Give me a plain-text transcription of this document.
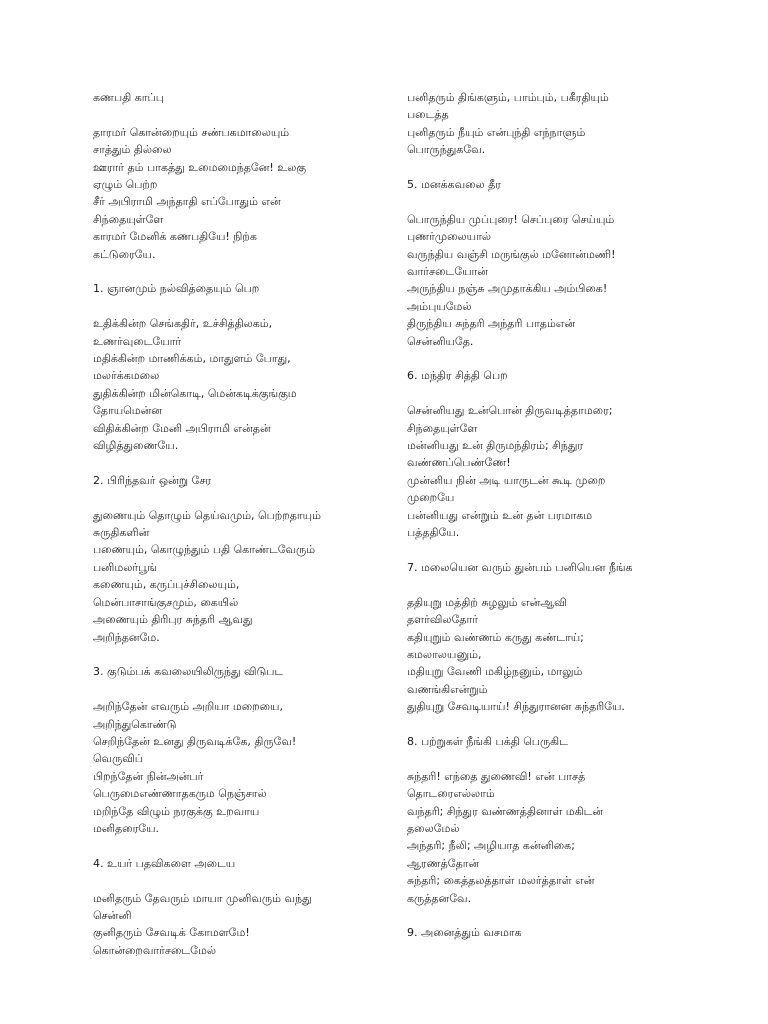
கணபதி காப்பு

தாரமர் கொன்றையும் சண்பகமாலையும்

சாத்தும் தில்லை

ஊரார் தம் பாகத்து உமைமைந்தனே! உலகு

ஏழும் பெற்ற

சீர் அபிராமி அந்தாதி எப்போதும் என்

சிந்தையுள்ளே

காரமர் மேனிக் கணபதியே! நிற்க

கட்டுரையே.

1. ஞானமும் நல்வித்தையும் பெற

உதிக்கின்ற செங்கதிர், உச்சித்திலகம்,

உணர்வுடையோர்

மதிக்கின்ற மாணிக்கம், மாதுளம் போது,

மலர்க்கமலை

துதிக்கின்ற மின்கொடி, மென்கடிக்குங்கும

தோயமென்ன

விதிக்கின்ற மேனி அபிராமி என்தன்

விழித்துணையே.

2. பிரிந்தவர் ஒன்று சேர

துணையும் தொழும் தெய்வமும், பெற்றதாயும்

சுருதிகளின்

பணையும், கொழுந்தும் பதி கொண்டவேரும்

பனிமலர்பூங்

கணையும், கருப்புச்சிலையும்,

மென்பாசாங்குசமும், கையில்

அணையும் திரிபுர சுந்தரி ஆவது

அறிந்தனமே.

3. குடும்பக் கவலையிலிருந்து விடுபட

அறிந்தேன் எவரும் அறியா மறையை,

அறிந்துகொண்டு

செறிந்தேன் உனது திருவடிக்கே, திருவே!

வெருவிப்

பிறந்தேன் நின்அன்பர்

பெருமைஎண்ணாதகரும நெஞ்சால்

மறிந்தே விழும் நரகுக்கு உறவாய

மனிதரையே.

4. உயர் பதவிகளை அடைய

மனிதரும் தேவரும் மாயா முனிவரும் வந்து

சென்னி

குனிதரும் சேவடிக் கோமளமே!

கொன்றைவார்சடைமேல்

பனிதரும் திங்களும், பாம்பும், பகீரதியும்

படைத்த

புனிதரும் நீயும் என்புந்தி எந்நாளும்

பொருந்துகவே.

5. மனக்கவலை தீர

பொருந்திய முப்புரை! செப்புரை செய்யும்

புணர்முலையால்

வருந்திய வஞ்சி மருங்குல் மனோன்மணி!

வார்சடையோன்

அருந்திய நஞ்சு அமுதாக்கிய அம்பிகை!

அம்புயமேல்

திருந்திய சுந்தரி அந்தரி பாதம்என்

சென்னியதே.

6. மந்திர சித்தி பெற

சென்னியது உன்பொன் திருவடித்தாமரை;

சிந்தையுள்ளே

மன்னியது உன் திருமந்திரம்; சிந்துர

வண்ணப்பெண்ணே!

முன்னிய நின் அடி யாருடன் கூடி முறை

முறையே

பன்னியது என்றும் உன் தன் பரமாகம

பத்ததியே.

7. மலையென வரும் துன்பம் பனியென நீங்க

ததியுறு மத்திற் சுழலும் என்ஆவி

தளர்விலதோர்

கதியுறும் வண்ணம் கருது கண்டாய்;

கமலாலயனும்,

மதியுறு வேணி மகிழ்நனும், மாலும்

வணங்கிஎன்றும்

துதியுறு சேவடியாய்! சிந்துரானன சுந்தரியே.

8. பற்றுகள் நீங்கி பக்தி பெருகிட

சுந்தரி! எந்தை துணைவி! என் பாசத்

தொடரைஎல்லாம்

வந்தரி; சிந்துர வண்ணத்தினாள் மகிடன்

தலைமேல்

அந்தரி; நீலி; அழியாத கன்னிகை;

ஆரணத்தோன்

சுந்தரி; கைத்தலத்தாள் மலர்த்தாள் என்

கருத்தனவே.

9. அனைத்தும் வசமாக
